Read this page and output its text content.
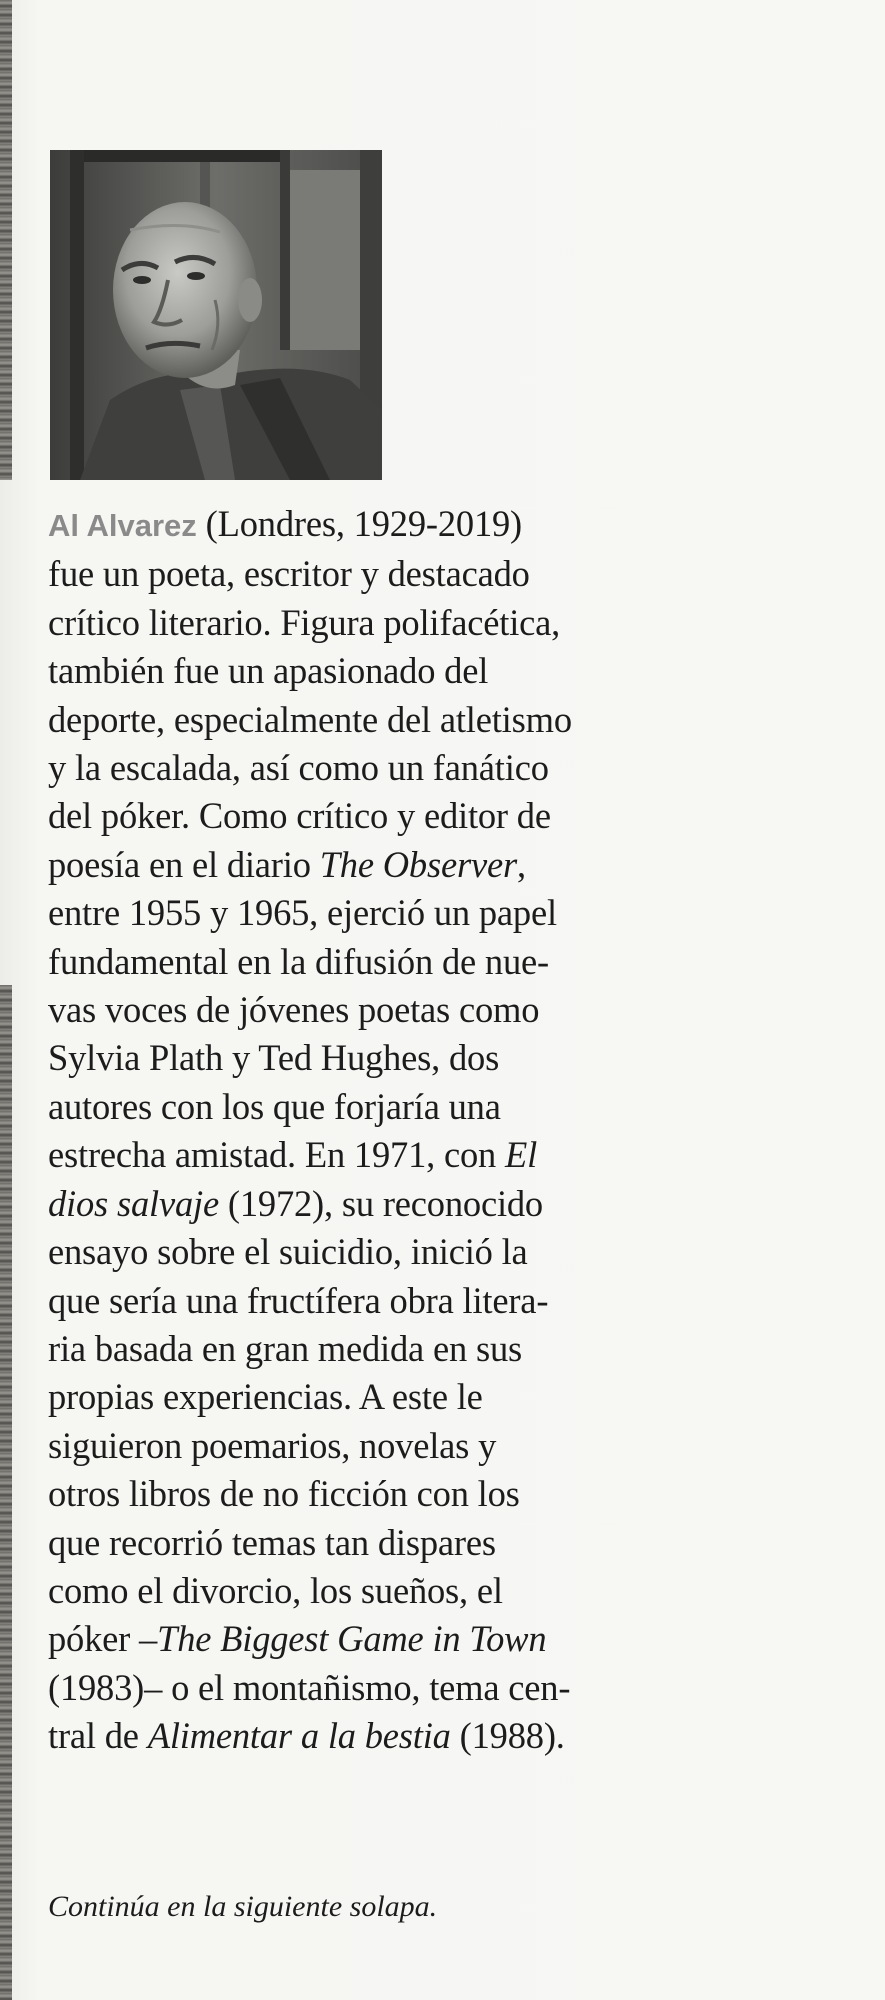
Al Alvarez (Londres, 1929-2019)
fue un poeta, escritor y destacado
crítico literario. Figura polifacética,
también fue un apasionado del
deporte, especialmente del atletismo
y la escalada, así como un fanático
del póker. Como crítico y editor de
poesía en el diario The Observer,
entre 1955 y 1965, ejerció un papel
fundamental en la difusión de nue-
vas voces de jóvenes poetas como
Sylvia Plath y Ted Hughes, dos
autores con los que forjaría una
estrecha amistad. En 1971, con El
dios salvaje (1972), su reconocido
ensayo sobre el suicidio, inició la
que sería una fructífera obra litera-
ria basada en gran medida en sus
propias experiencias. A este le
siguieron poemarios, novelas y
otros libros de no ficción con los
que recorrió temas tan dispares
como el divorcio, los sueños, el
póker –The Biggest Game in Town
(1983)– o el montañismo, tema cen-
tral de Alimentar a la bestia (1988).
Continúa en la siguiente solapa.
